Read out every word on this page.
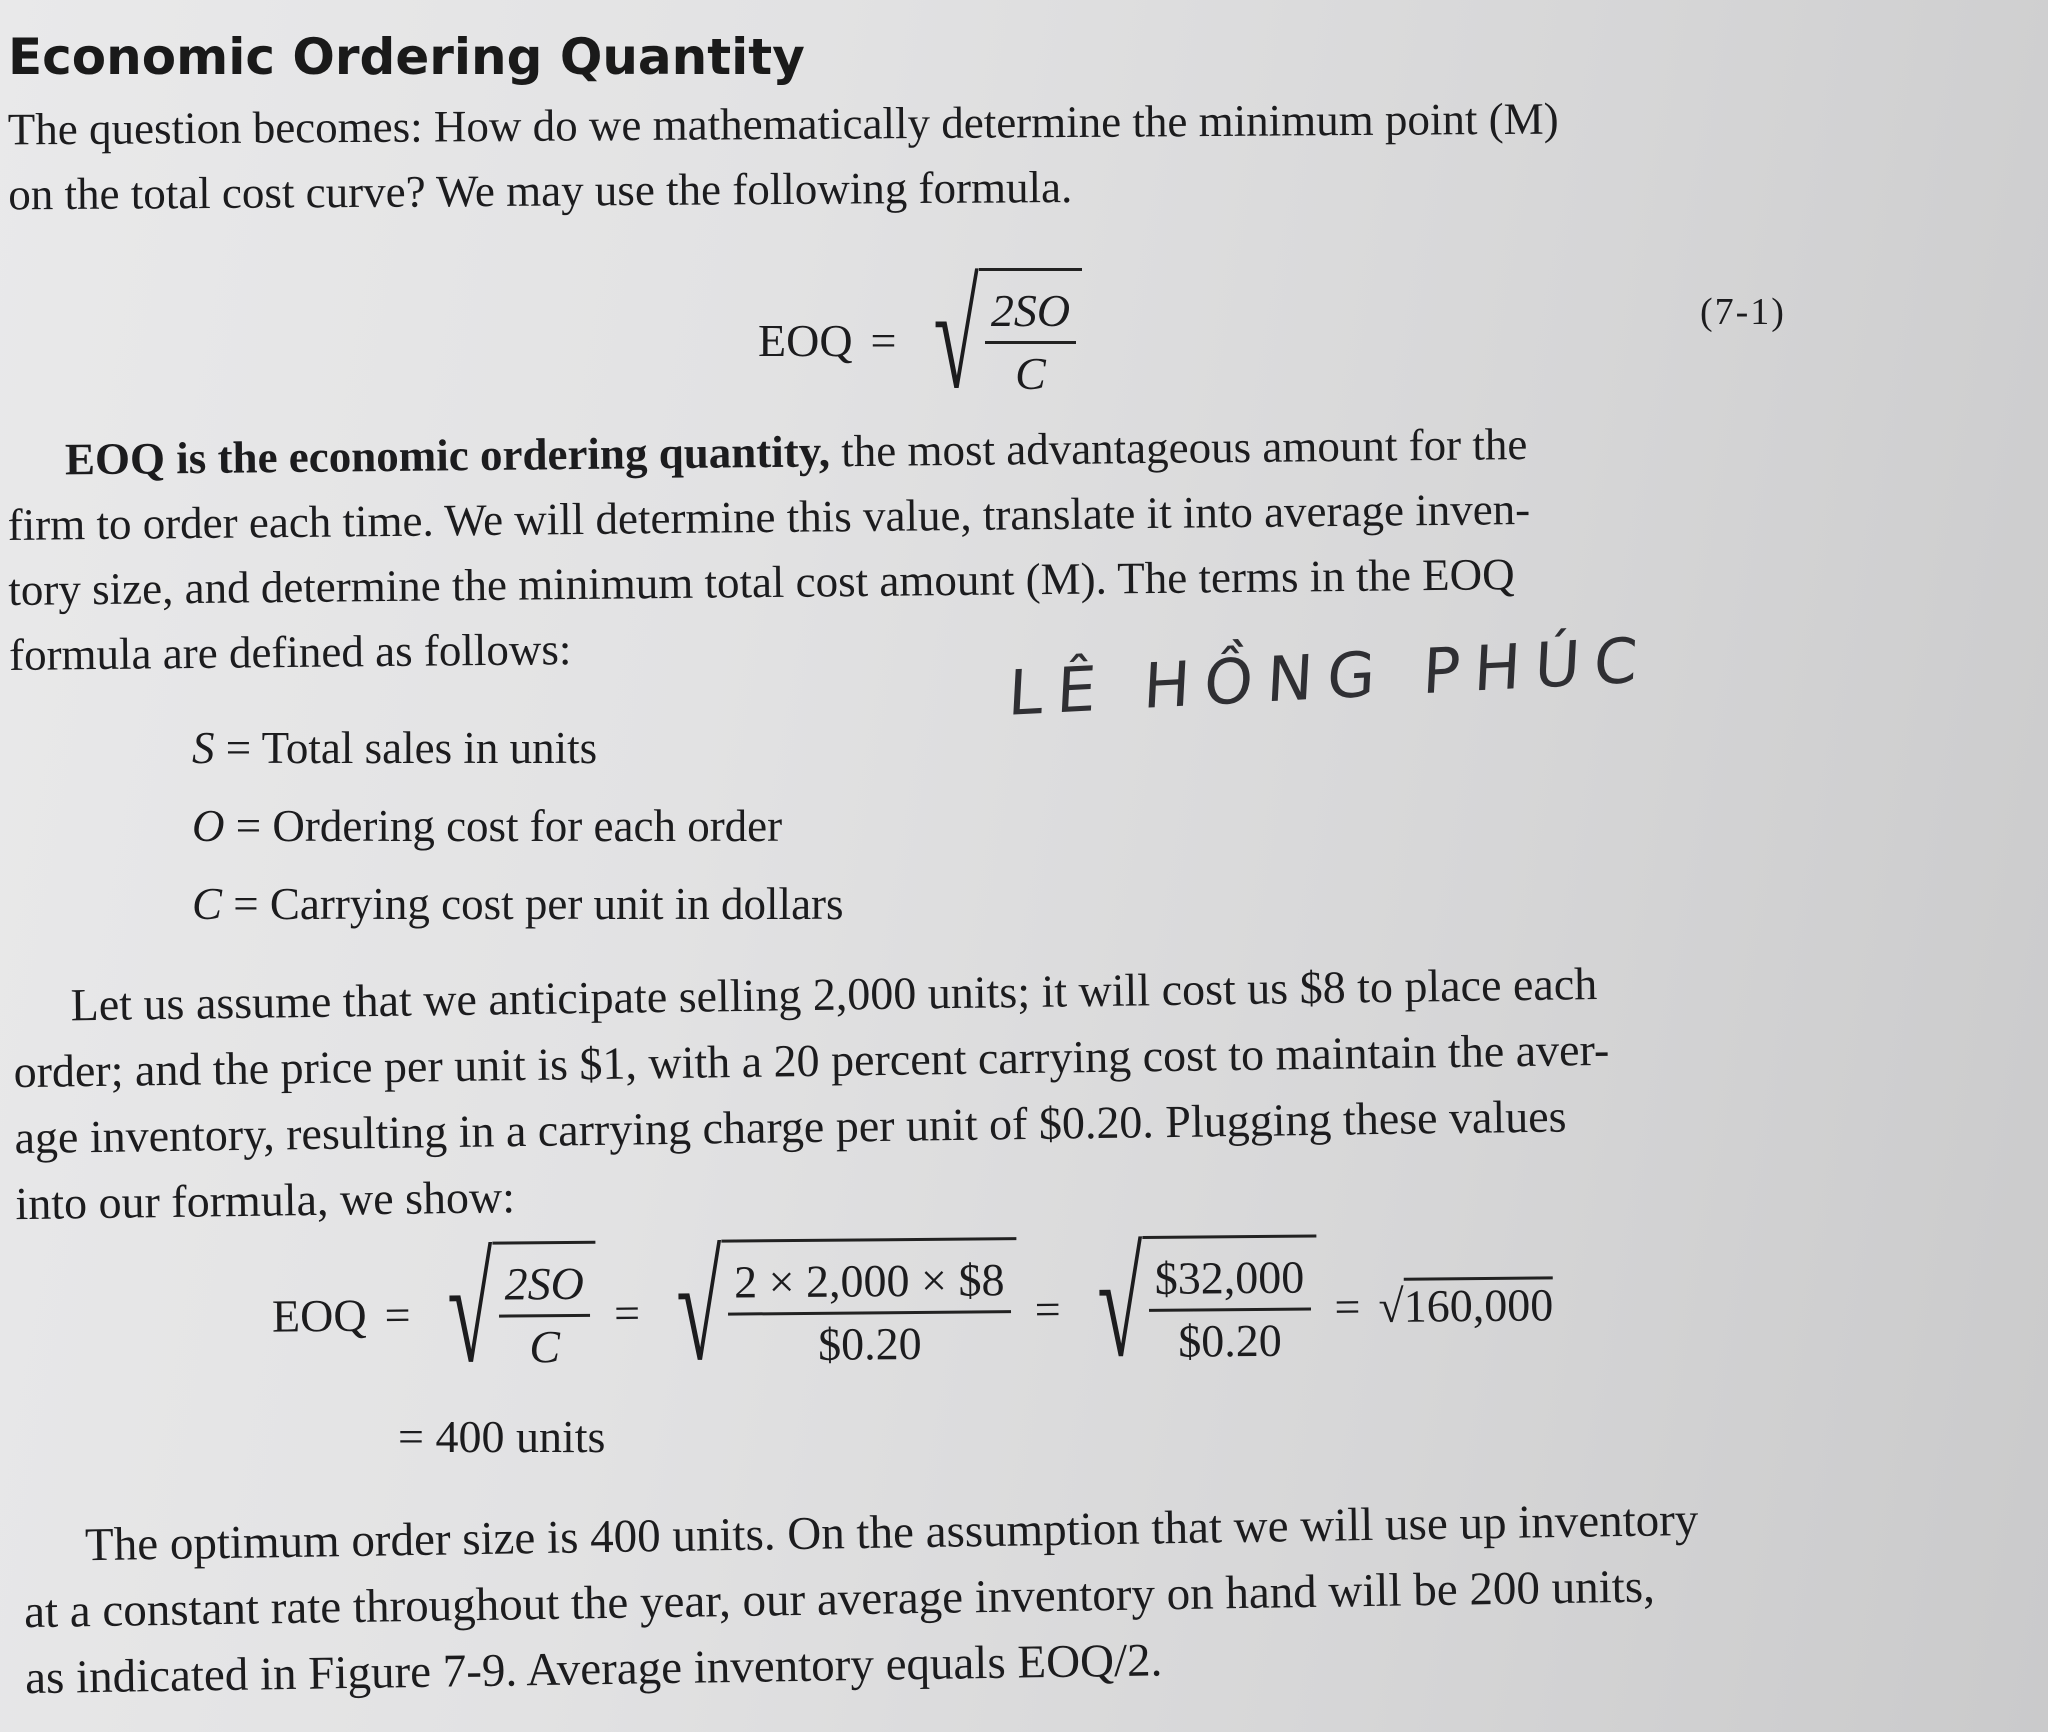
Economic Ordering Quantity
The question becomes: How do we mathematically determine the minimum point (M)
on the total cost curve? We may use the following formula.
EOQ = √ $\frac{2SO}{C}$	(7-1)
EOQ is the economic ordering quantity, the most advantageous amount for the
firm to order each time. We will determine this value, translate it into average inven-
tory size, and determine the minimum total cost amount (M). The terms in the EOQ
formula are defined as follows:	LÊ HỒNG PHÚC
S = Total sales in units
O = Ordering cost for each order
C = Carrying cost per unit in dollars
Let us assume that we anticipate selling 2,000 units; it will cost us $8 to place each
order; and the price per unit is $1, with a 20 percent carrying cost to maintain the aver-
age inventory, resulting in a carrying charge per unit of $0.20. Plugging these values
into our formula, we show:
EOQ = √ $\frac{2SO}{C}$ = √ $\frac{2 \times 2,000 \times \$8}{\$0.20}$ = √ $\frac{\$32,000}{\$0.20} = √160,000$
= 400 units
The optimum order size is 400 units. On the assumption that we will use up inventory
at a constant rate throughout the year, our average inventory on hand will be 200 units,
as indicated in Figure 7-9. Average inventory equals EOQ/2.
